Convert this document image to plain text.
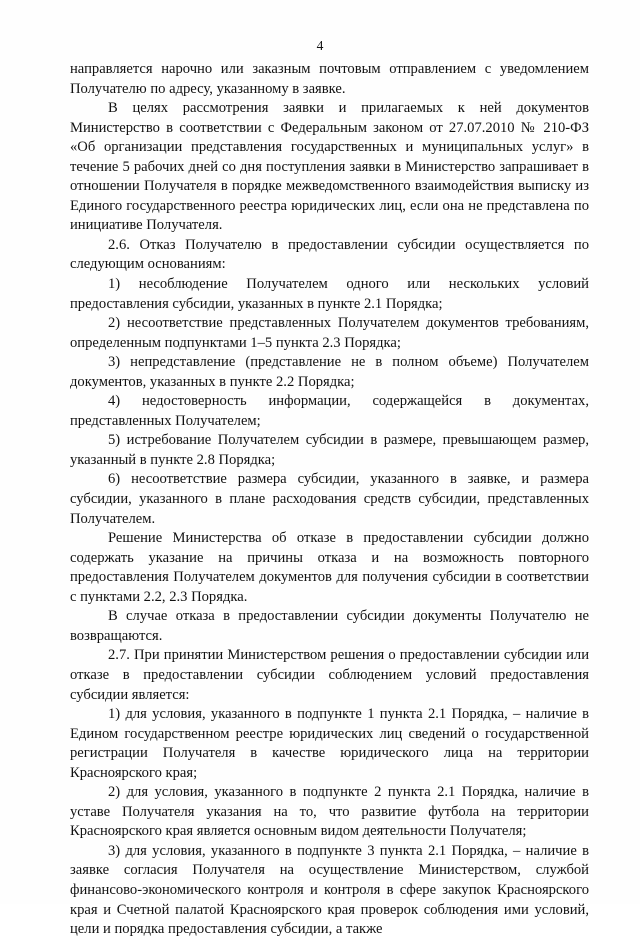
4

направляется нарочно или заказным почтовым отправлением с уведомлением Получателю по адресу, указанному в заявке.

В целях рассмотрения заявки и прилагаемых к ней документов Министерство в соответствии с Федеральным законом от 27.07.2010 № 210-ФЗ «Об организации представления государственных и муниципальных услуг» в течение 5 рабочих дней со дня поступления заявки в Министерство запрашивает в отношении Получателя в порядке межведомственного взаимодействия выписку из Единого государственного реестра юридических лиц, если она не представлена по инициативе Получателя.

2.6. Отказ Получателю в предоставлении субсидии осуществляется по следующим основаниям:

1) несоблюдение Получателем одного или нескольких условий предоставления субсидии, указанных в пункте 2.1 Порядка;

2) несоответствие представленных Получателем документов требованиям, определенным подпунктами 1–5 пункта 2.3 Порядка;

3) непредставление (представление не в полном объеме) Получателем документов, указанных в пункте 2.2 Порядка;

4) недостоверность информации, содержащейся в документах, представленных Получателем;

5) истребование Получателем субсидии в размере, превышающем размер, указанный в пункте 2.8 Порядка;

6) несоответствие размера субсидии, указанного в заявке, и размера субсидии, указанного в плане расходования средств субсидии, представленных Получателем.

Решение Министерства об отказе в предоставлении субсидии должно содержать указание на причины отказа и на возможность повторного предоставления Получателем документов для получения субсидии в соответствии с пунктами 2.2, 2.3 Порядка.

В случае отказа в предоставлении субсидии документы Получателю не возвращаются.

2.7. При принятии Министерством решения о предоставлении субсидии или отказе в предоставлении субсидии соблюдением условий предоставления субсидии является:

1) для условия, указанного в подпункте 1 пункта 2.1 Порядка, – наличие в Едином государственном реестре юридических лиц сведений о государственной регистрации Получателя в качестве юридического лица на территории Красноярского края;

2) для условия, указанного в подпункте 2 пункта 2.1 Порядка, наличие в уставе Получателя указания на то, что развитие футбола на территории Красноярского края является основным видом деятельности Получателя;

3) для условия, указанного в подпункте 3 пункта 2.1 Порядка, – наличие в заявке согласия Получателя на осуществление Министерством, службой финансово-экономического контроля и контроля в сфере закупок Красноярского края и Счетной палатой Красноярского края проверок соблюдения ими условий, цели и порядка предоставления субсидии, а также
